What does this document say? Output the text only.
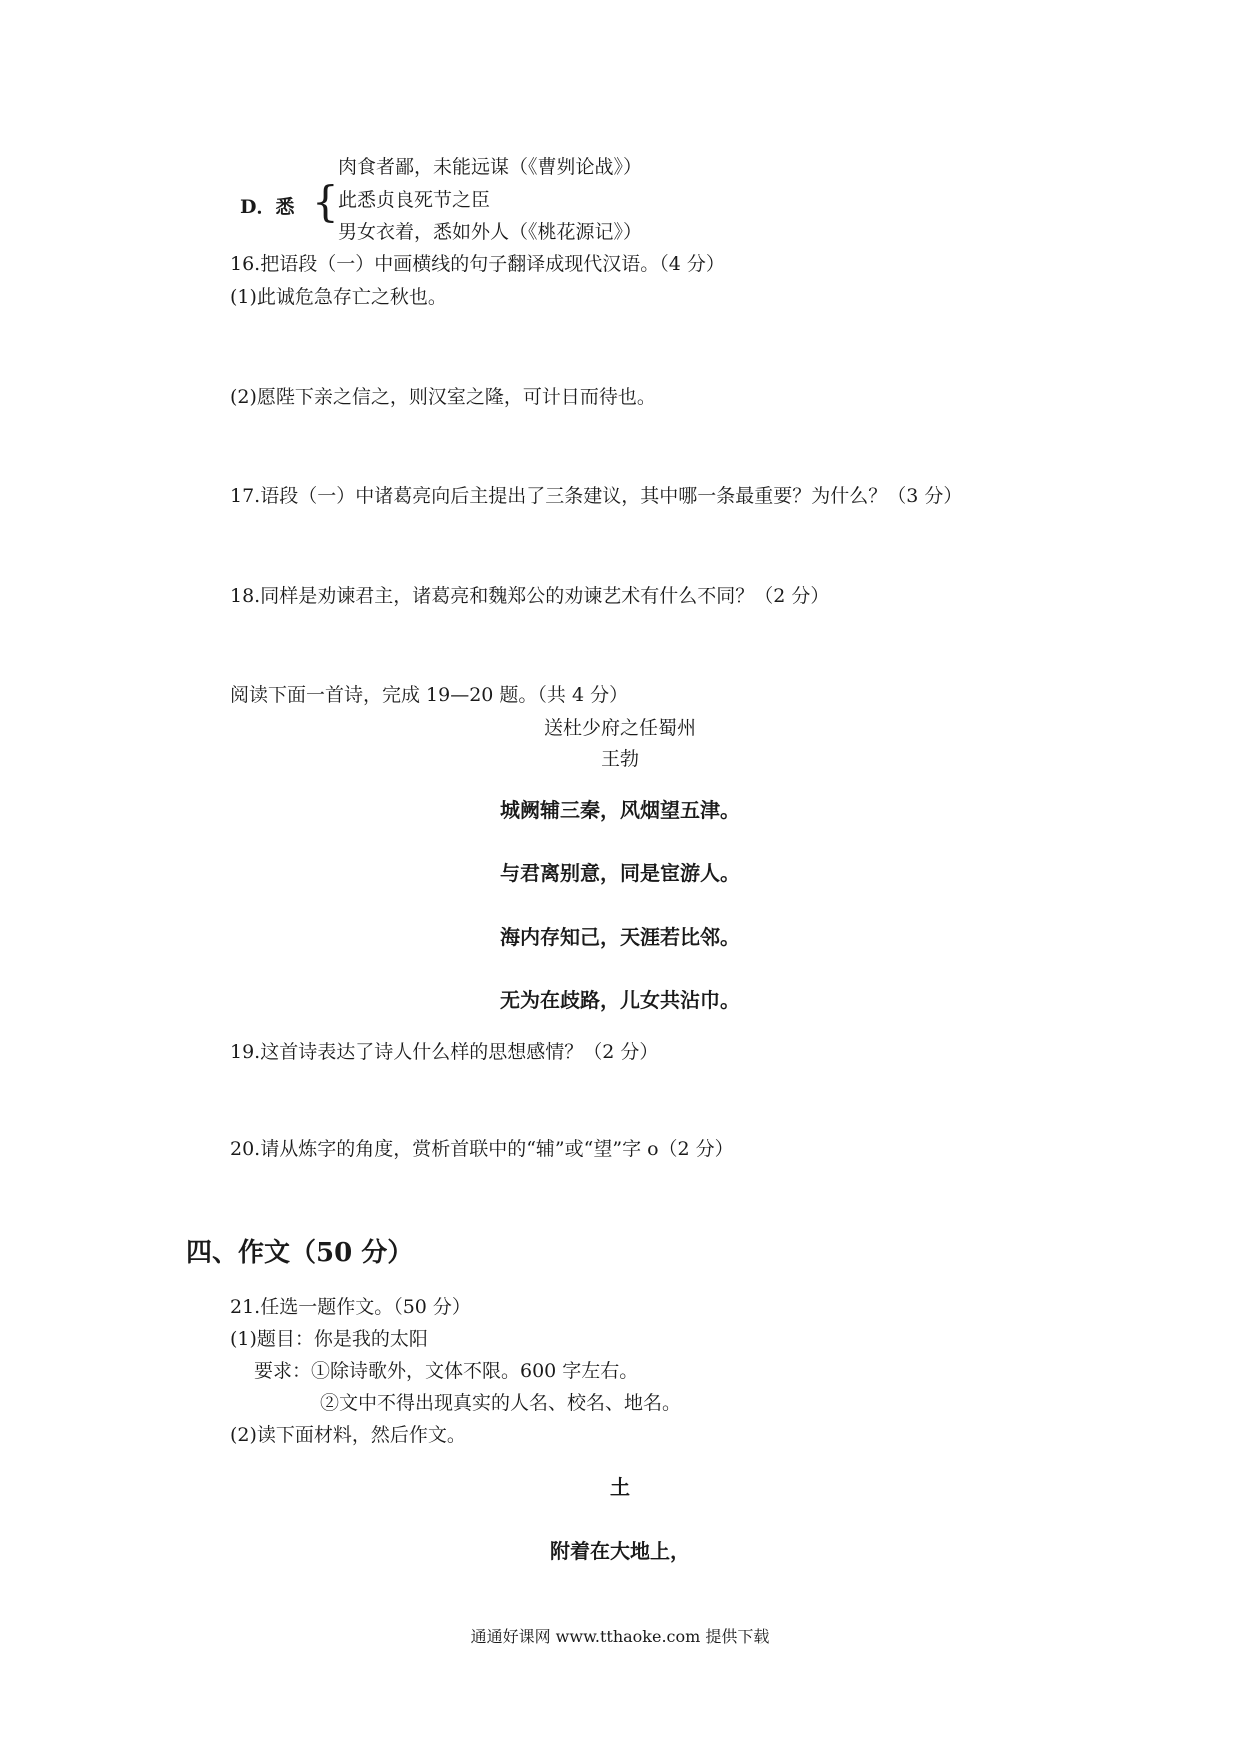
肉食者鄙，未能远谋（《曹刿论战》）
D．悉 { 此悉贞良死节之臣
男女衣着，悉如外人（《桃花源记》）
16.把语段（一）中画横线的句子翻译成现代汉语。（4 分）
(1)此诚危急存亡之秋也。
(2)愿陛下亲之信之，则汉室之隆，可计日而待也。
17.语段（一）中诸葛亮向后主提出了三条建议，其中哪一条最重要？为什么？（3 分）
18.同样是劝谏君主，诸葛亮和魏郑公的劝谏艺术有什么不同？（2 分）
阅读下面一首诗，完成 19—20 题。（共 4 分）
送杜少府之任蜀州
王勃
城阙辅三秦，风烟望五津。
与君离别意，同是宦游人。
海内存知己，天涯若比邻。
无为在歧路，儿女共沾巾。
19.这首诗表达了诗人什么样的思想感情？（2 分）
20.请从炼字的角度，赏析首联中的“辅”或“望”字 o（2 分）
四、作文（50 分）
21.任选一题作文。（50 分）
(1)题目：你是我的太阳
要求：①除诗歌外，文体不限。600 字左右。
②文中不得出现真实的人名、校名、地名。
(2)读下面材料，然后作文。
土
附着在大地上，
通通好课网 www.tthaoke.com 提供下载
